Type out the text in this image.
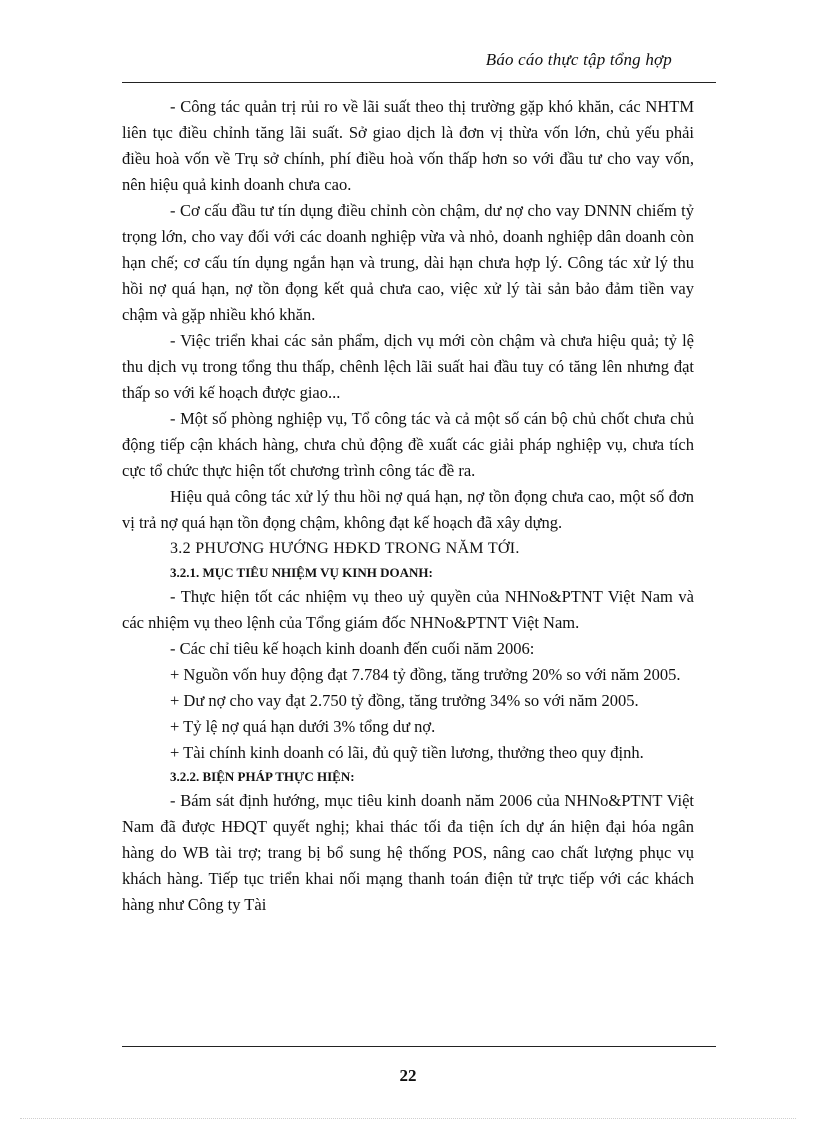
Báo cáo thực tập tổng hợp

- Công tác quản trị rủi ro về lãi suất theo thị trường gặp khó khăn, các NHTM liên tục điều chỉnh tăng lãi suất. Sở giao dịch là đơn vị thừa vốn lớn, chủ yếu phải điều hoà vốn về Trụ sở chính, phí điều hoà vốn thấp hơn so với đầu tư cho vay vốn, nên hiệu quả kinh doanh chưa cao.

- Cơ cấu đầu tư tín dụng điều chỉnh còn chậm, dư nợ cho vay DNNN chiếm tỷ trọng lớn, cho vay đối với các doanh nghiệp vừa và nhỏ, doanh nghiệp dân doanh còn hạn chế; cơ cấu tín dụng ngắn hạn và trung, dài hạn chưa hợp lý. Công tác xử lý thu hồi nợ quá hạn, nợ tồn đọng kết quả chưa cao, việc xử lý tài sản bảo đảm tiền vay chậm và gặp nhiều khó khăn.

- Việc triển khai các sản phẩm, dịch vụ mới còn chậm và chưa hiệu quả; tỷ lệ thu dịch vụ trong tổng thu thấp, chênh lệch lãi suất hai đầu tuy có tăng lên nhưng đạt thấp so với kế hoạch được giao...

- Một số phòng nghiệp vụ, Tổ công tác và cả một số cán bộ chủ chốt chưa chủ động tiếp cận khách hàng, chưa chủ động đề xuất các giải pháp nghiệp vụ, chưa tích cực tổ chức thực hiện tốt chương trình công tác đề ra.

Hiệu quả công tác xử lý thu hồi nợ quá hạn, nợ tồn đọng chưa cao, một số đơn vị trả nợ quá hạn tồn đọng chậm, không đạt kế hoạch đã xây dựng.

3.2 PHƯƠNG HƯỚNG HĐKD TRONG NĂM TỚI.

3.2.1. MỤC TIÊU NHIỆM VỤ KINH DOANH:

- Thực hiện tốt các nhiệm vụ theo uỷ quyền của NHNo&PTNT Việt Nam và các nhiệm vụ theo lệnh của Tổng giám đốc NHNo&PTNT Việt Nam.

- Các chỉ tiêu kế hoạch kinh doanh đến cuối năm 2006:

+ Nguồn vốn huy động đạt 7.784 tỷ đồng, tăng trưởng 20% so với năm 2005.

+ Dư nợ cho vay đạt 2.750 tỷ đồng, tăng trưởng 34% so với năm 2005.

+ Tỷ lệ nợ quá hạn dưới 3% tổng dư nợ.

+ Tài chính kinh doanh có lãi, đủ quỹ tiền lương, thưởng theo quy định.

3.2.2. BIỆN PHÁP THỰC HIỆN:

- Bám sát định hướng, mục tiêu kinh doanh năm 2006 của NHNo&PTNT Việt Nam đã được HĐQT quyết nghị; khai thác tối đa tiện ích dự án hiện đại hóa ngân hàng do WB tài trợ; trang bị bổ sung hệ thống POS, nâng cao chất lượng phục vụ khách hàng. Tiếp tục triển khai nối mạng thanh toán điện tử trực tiếp với các khách hàng như Công ty Tài

22
